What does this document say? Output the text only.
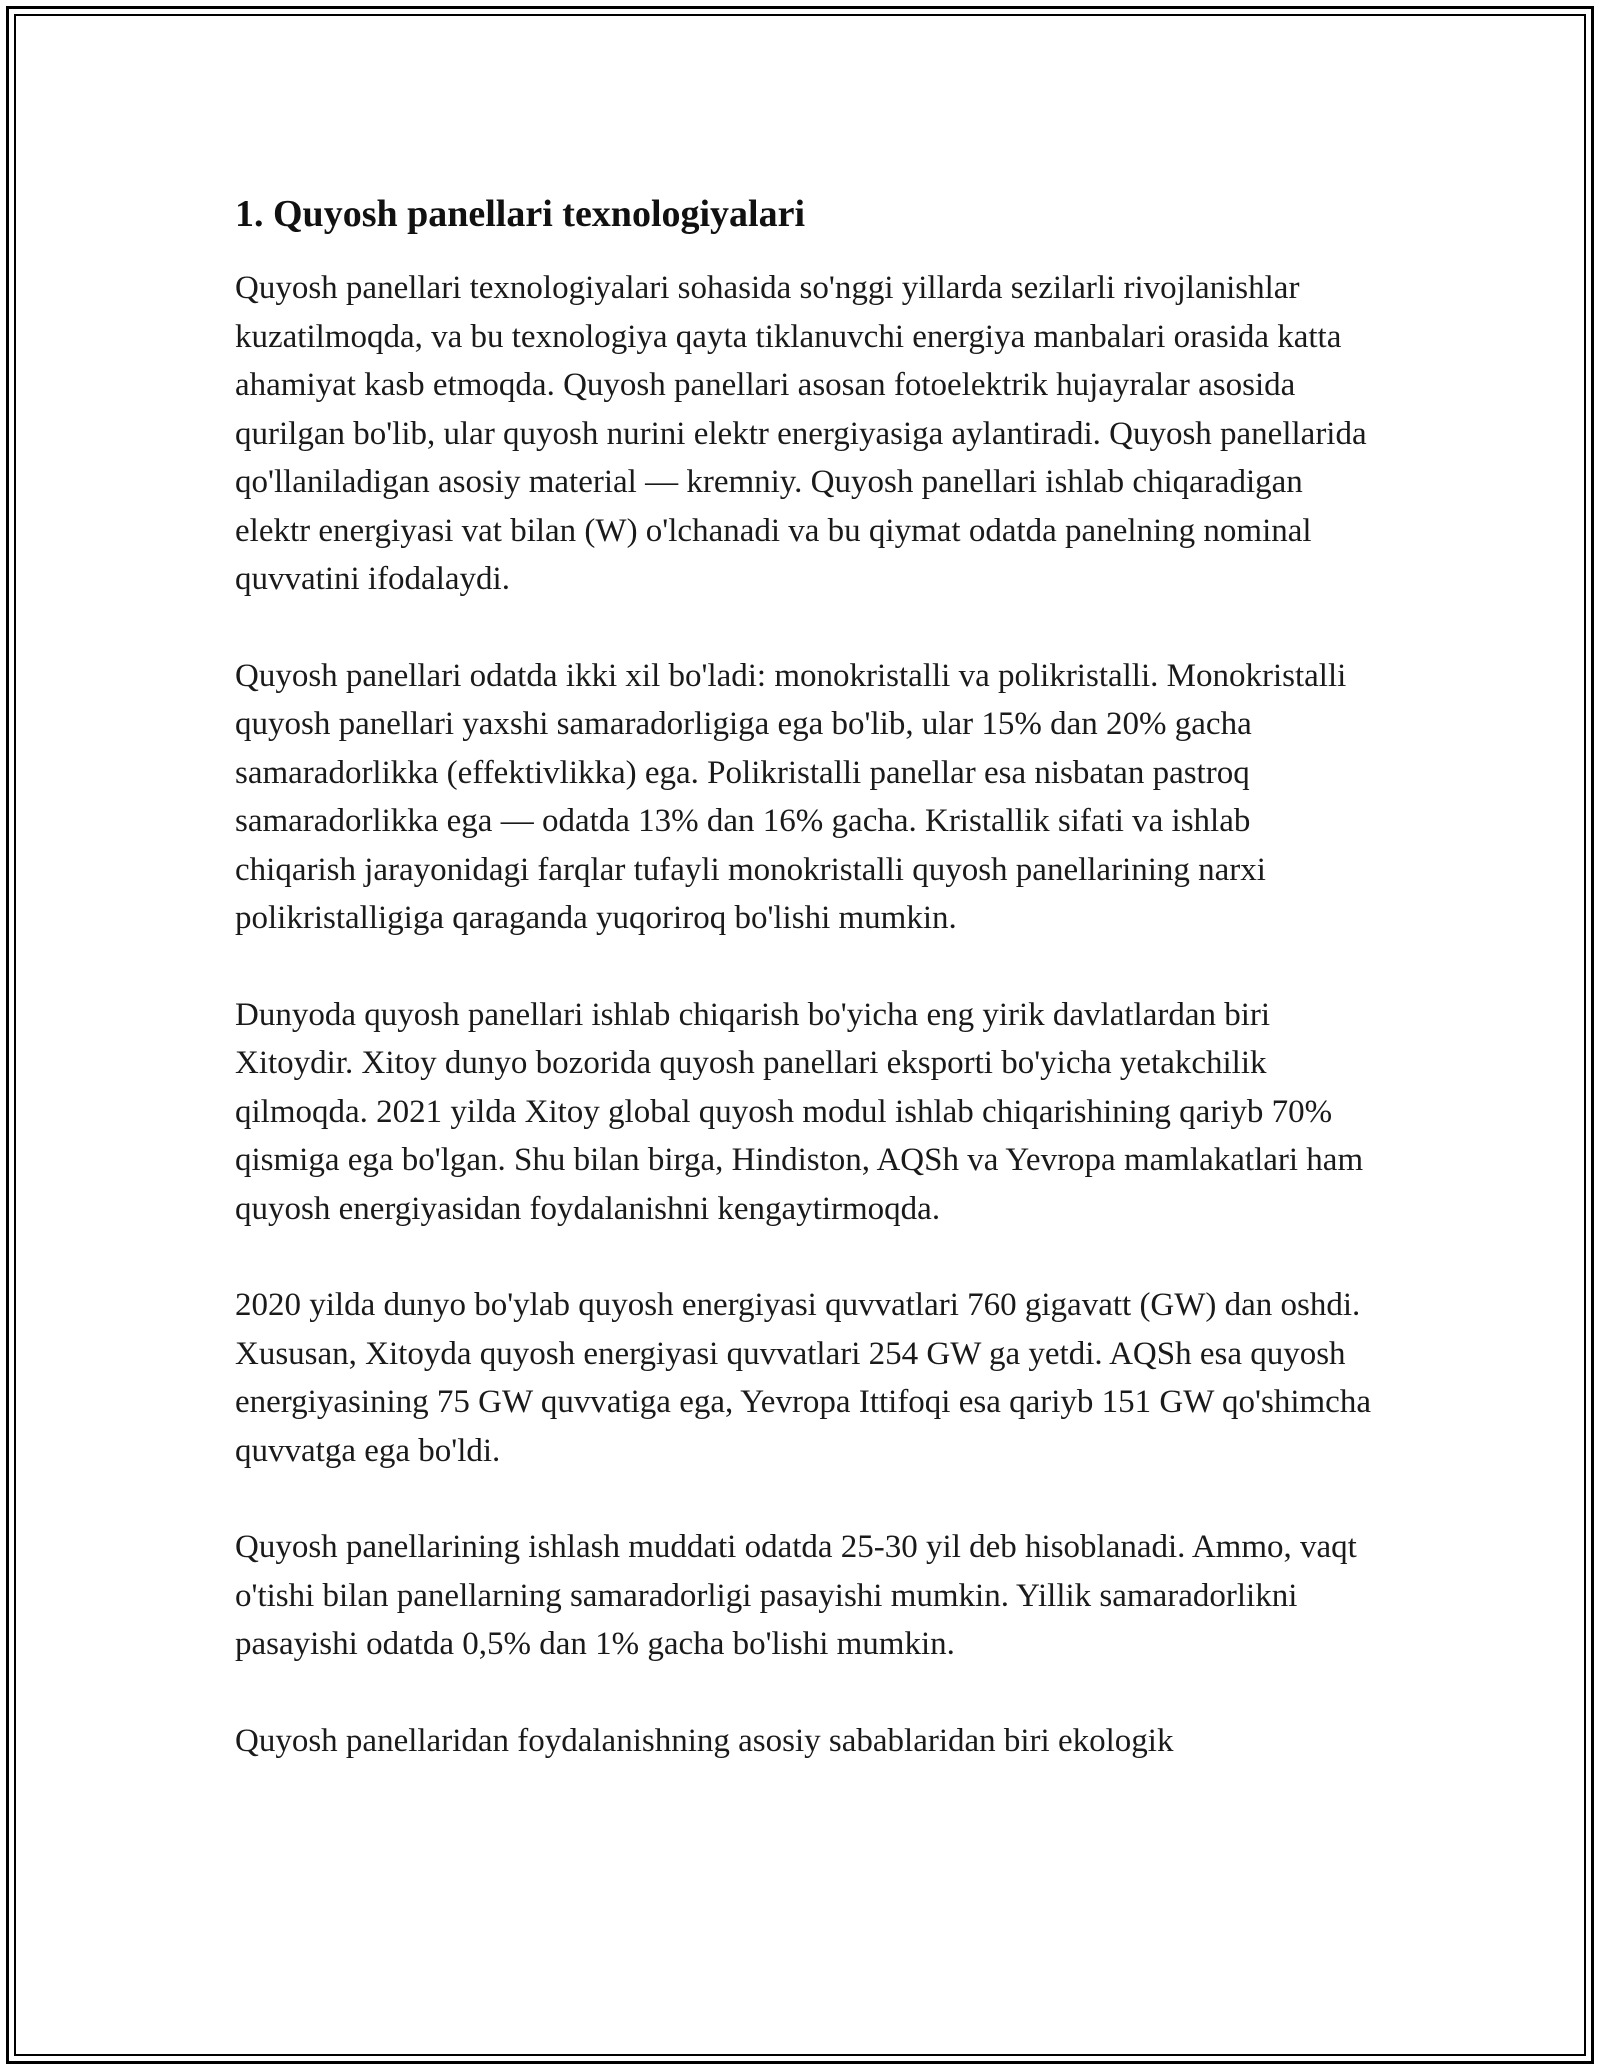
1. Quyosh panellari texnologiyalari

Quyosh panellari texnologiyalari sohasida so'nggi yillarda sezilarli rivojlanishlar kuzatilmoqda, va bu texnologiya qayta tiklanuvchi energiya manbalari orasida katta ahamiyat kasb etmoqda. Quyosh panellari asosan fotoelektrik hujayralar asosida qurilgan bo'lib, ular quyosh nurini elektr energiyasiga aylantiradi. Quyosh panellarida qo'llaniladigan asosiy material — kremniy. Quyosh panellari ishlab chiqaradigan elektr energiyasi vat bilan (W) o'lchanadi va bu qiymat odatda panelning nominal quvvatini ifodalaydi.

Quyosh panellari odatda ikki xil bo'ladi: monokristalli va polikristalli. Monokristalli quyosh panellari yaxshi samaradorligiga ega bo'lib, ular 15% dan 20% gacha samaradorlikka (effektivlikka) ega. Polikristalli panellar esa nisbatan pastroq samaradorlikka ega — odatda 13% dan 16% gacha. Kristallik sifati va ishlab chiqarish jarayonidagi farqlar tufayli monokristalli quyosh panellarining narxi polikristalligiga qaraganda yuqoriroq bo'lishi mumkin.

Dunyoda quyosh panellari ishlab chiqarish bo'yicha eng yirik davlatlardan biri Xitoydir. Xitoy dunyo bozorida quyosh panellari eksporti bo'yicha yetakchilik qilmoqda. 2021 yilda Xitoy global quyosh modul ishlab chiqarishining qariyb 70% qismiga ega bo'lgan. Shu bilan birga, Hindiston, AQSh va Yevropa mamlakatlari ham quyosh energiyasidan foydalanishni kengaytirmoqda.

2020 yilda dunyo bo'ylab quyosh energiyasi quvvatlari 760 gigavatt (GW) dan oshdi. Xususan, Xitoyda quyosh energiyasi quvvatlari 254 GW ga yetdi. AQSh esa quyosh energiyasining 75 GW quvvatiga ega, Yevropa Ittifoqi esa qariyb 151 GW qo'shimcha quvvatga ega bo'ldi.

Quyosh panellarining ishlash muddati odatda 25-30 yil deb hisoblanadi. Ammo, vaqt o'tishi bilan panellarning samaradorligi pasayishi mumkin. Yillik samaradorlikni pasayishi odatda 0,5% dan 1% gacha bo'lishi mumkin.

Quyosh panellaridan foydalanishning asosiy sabablaridan biri ekologik
